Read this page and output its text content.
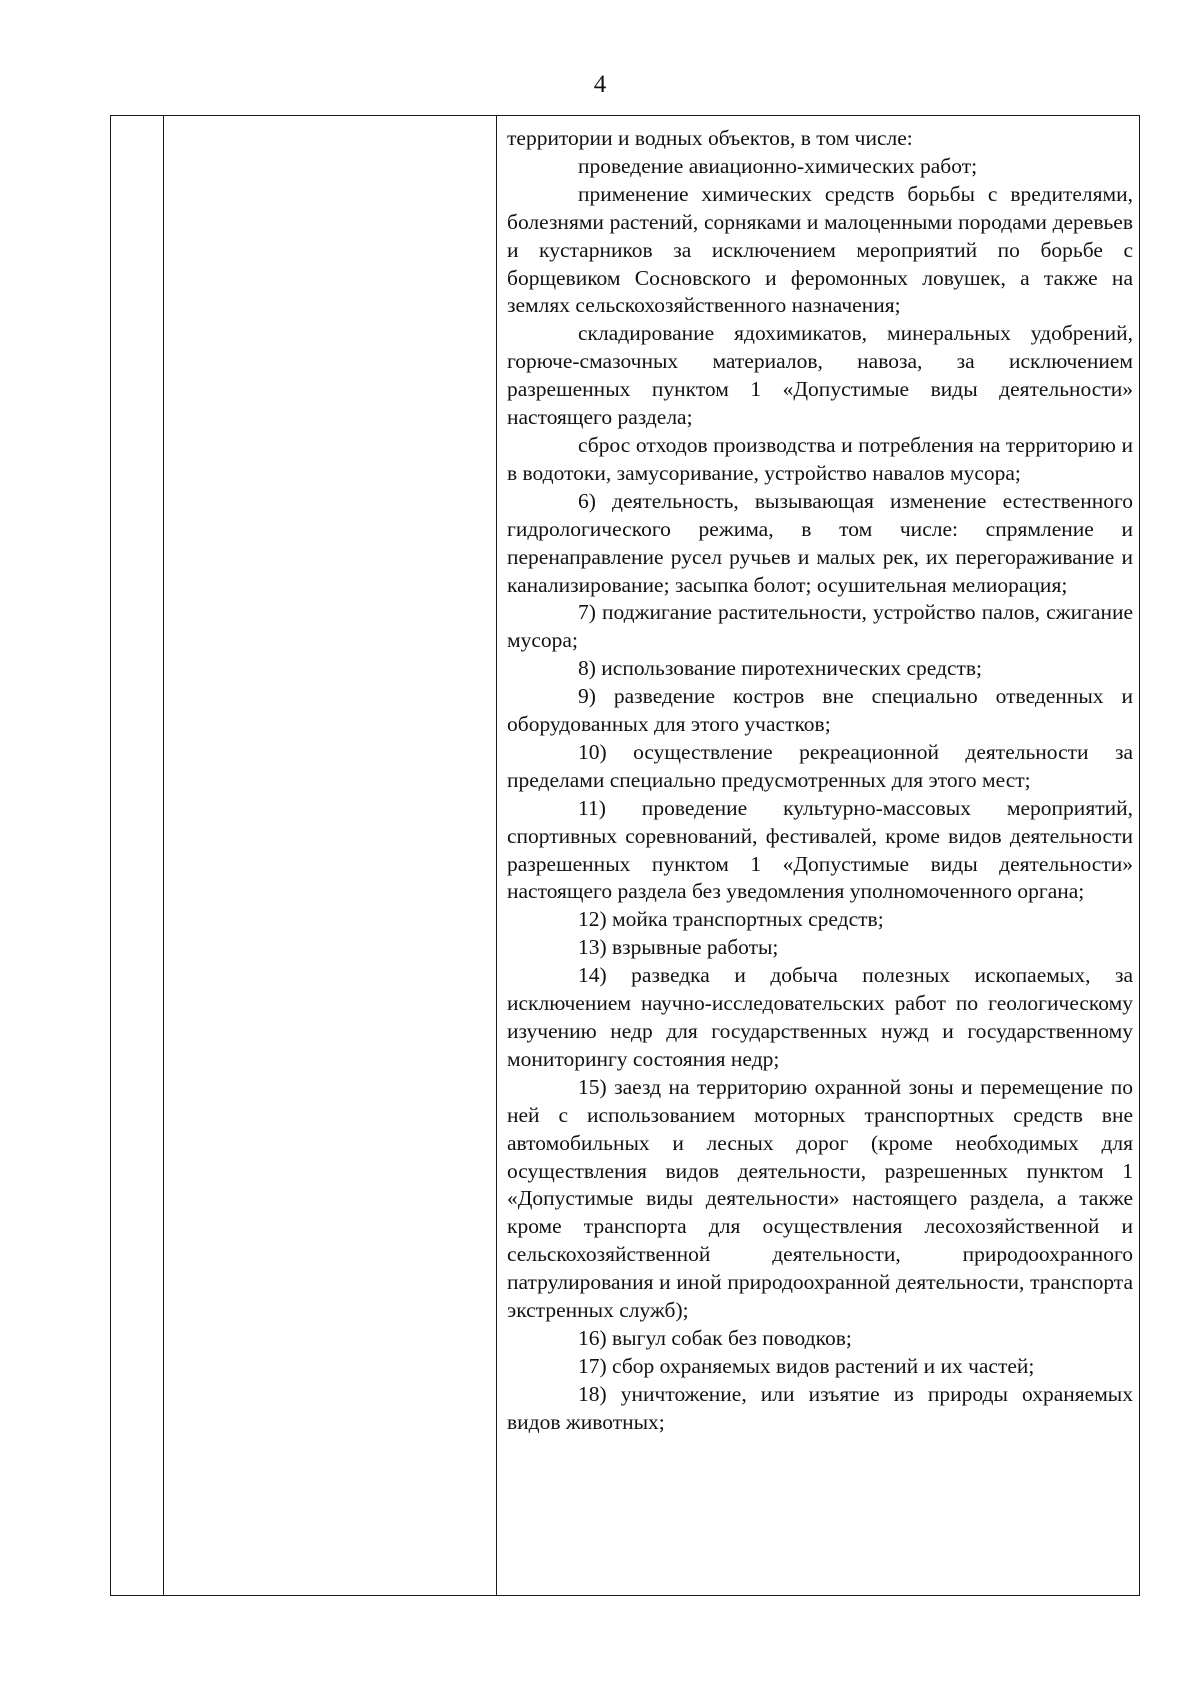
4

территории и водных объектов, в том числе:

проведение авиационно-химических работ;

применение химических средств борьбы с вредителями, болезнями растений, сорняками и малоценными породами деревьев и кустарников за исключением мероприятий по борьбе с борщевиком Сосновского и феромонных ловушек, а также на землях сельскохозяйственного назначения;

складирование ядохимикатов, минеральных удобрений, горюче-смазочных материалов, навоза, за исключением разрешенных пунктом 1 «Допустимые виды деятельности» настоящего раздела;

сброс отходов производства и потребления на территорию и в водотоки, замусоривание, устройство навалов мусора;

6) деятельность, вызывающая изменение естественного гидрологического режима, в том числе: спрямление и перенаправление русел ручьев и малых рек, их перегораживание и канализирование; засыпка болот; осушительная мелиорация;

7) поджигание растительности, устройство палов, сжигание мусора;

8) использование пиротехнических средств;

9) разведение костров вне специально отведенных и оборудованных для этого участков;

10) осуществление рекреационной деятельности за пределами специально предусмотренных для этого мест;

11) проведение культурно-массовых мероприятий, спортивных соревнований, фестивалей, кроме видов деятельности разрешенных пунктом 1 «Допустимые виды деятельности» настоящего раздела без уведомления уполномоченного органа;

12) мойка транспортных средств;

13) взрывные работы;

14) разведка и добыча полезных ископаемых, за исключением научно-исследовательских работ по геологическому изучению недр для государственных нужд и государственному мониторингу состояния недр;

15) заезд на территорию охранной зоны и перемещение по ней с использованием моторных транспортных средств вне автомобильных и лесных дорог (кроме необходимых для осуществления видов деятельности, разрешенных пунктом 1 «Допустимые виды деятельности» настоящего раздела, а также кроме транспорта для осуществления лесохозяйственной и сельскохозяйственной деятельности, природоохранного патрулирования и иной природоохранной деятельности, транспорта экстренных служб);

16) выгул собак без поводков;

17) сбор охраняемых видов растений и их частей;

18) уничтожение, или изъятие из природы охраняемых видов животных;
